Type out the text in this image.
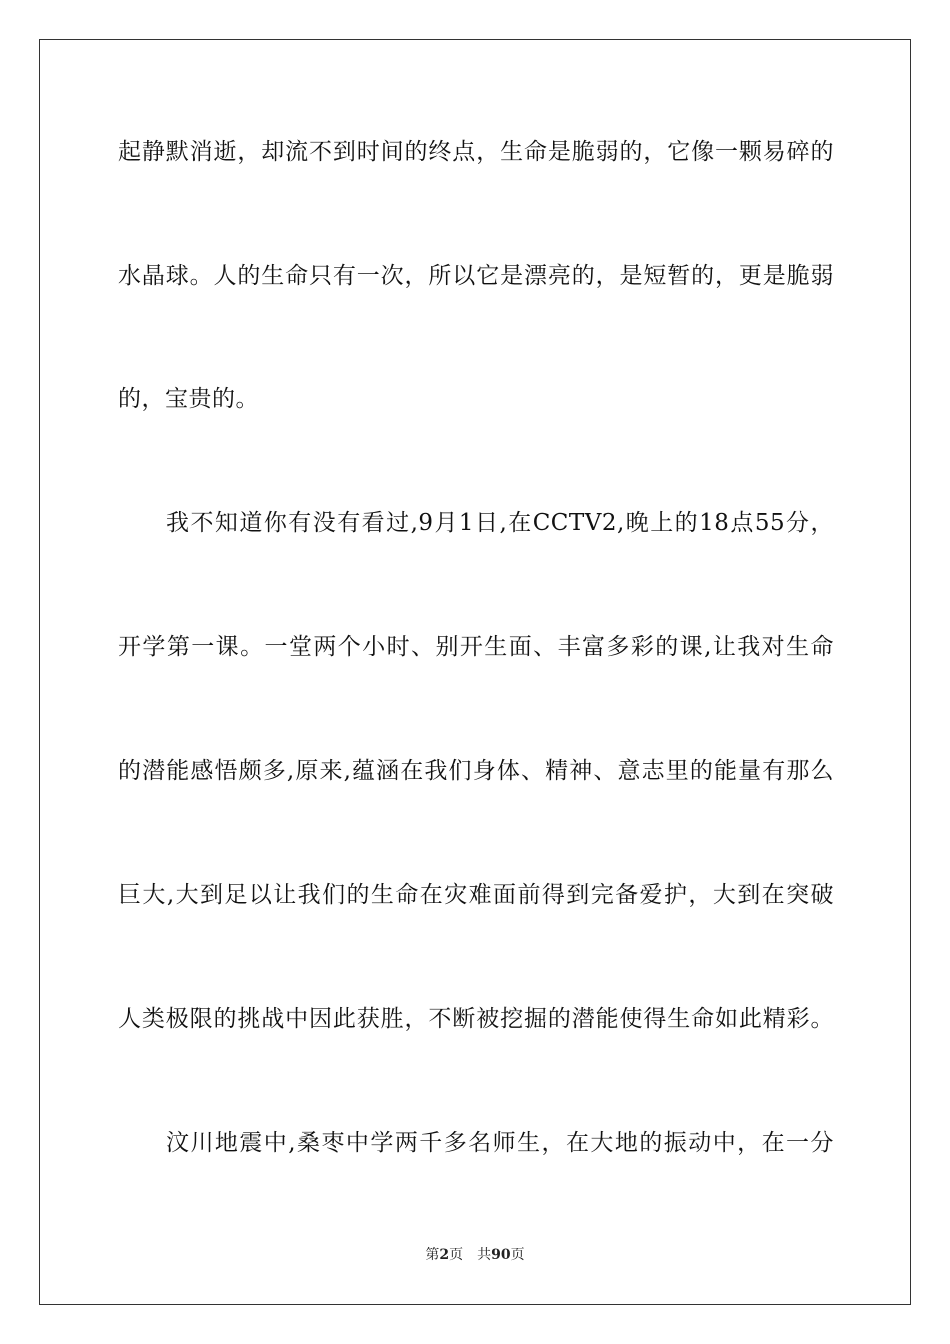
起静默消逝，却流不到时间的终点，生命是脆弱的，它像一颗易碎的
水晶球。人的生命只有一次，所以它是漂亮的，是短暂的，更是脆弱
的，宝贵的。
我不知道你有没有看过,9月1日,在CCTV2,晚上的18点55分，
开学第一课。一堂两个小时、别开生面、丰富多彩的课,让我对生命
的潜能感悟颇多,原来,蕴涵在我们身体、精神、意志里的能量有那么
巨大,大到足以让我们的生命在灾难面前得到完备爱护，大到在突破
人类极限的挑战中因此获胜，不断被挖掘的潜能使得生命如此精彩。
汶川地震中,桑枣中学两千多名师生，在大地的振动中，在一分
第2页 共90页
